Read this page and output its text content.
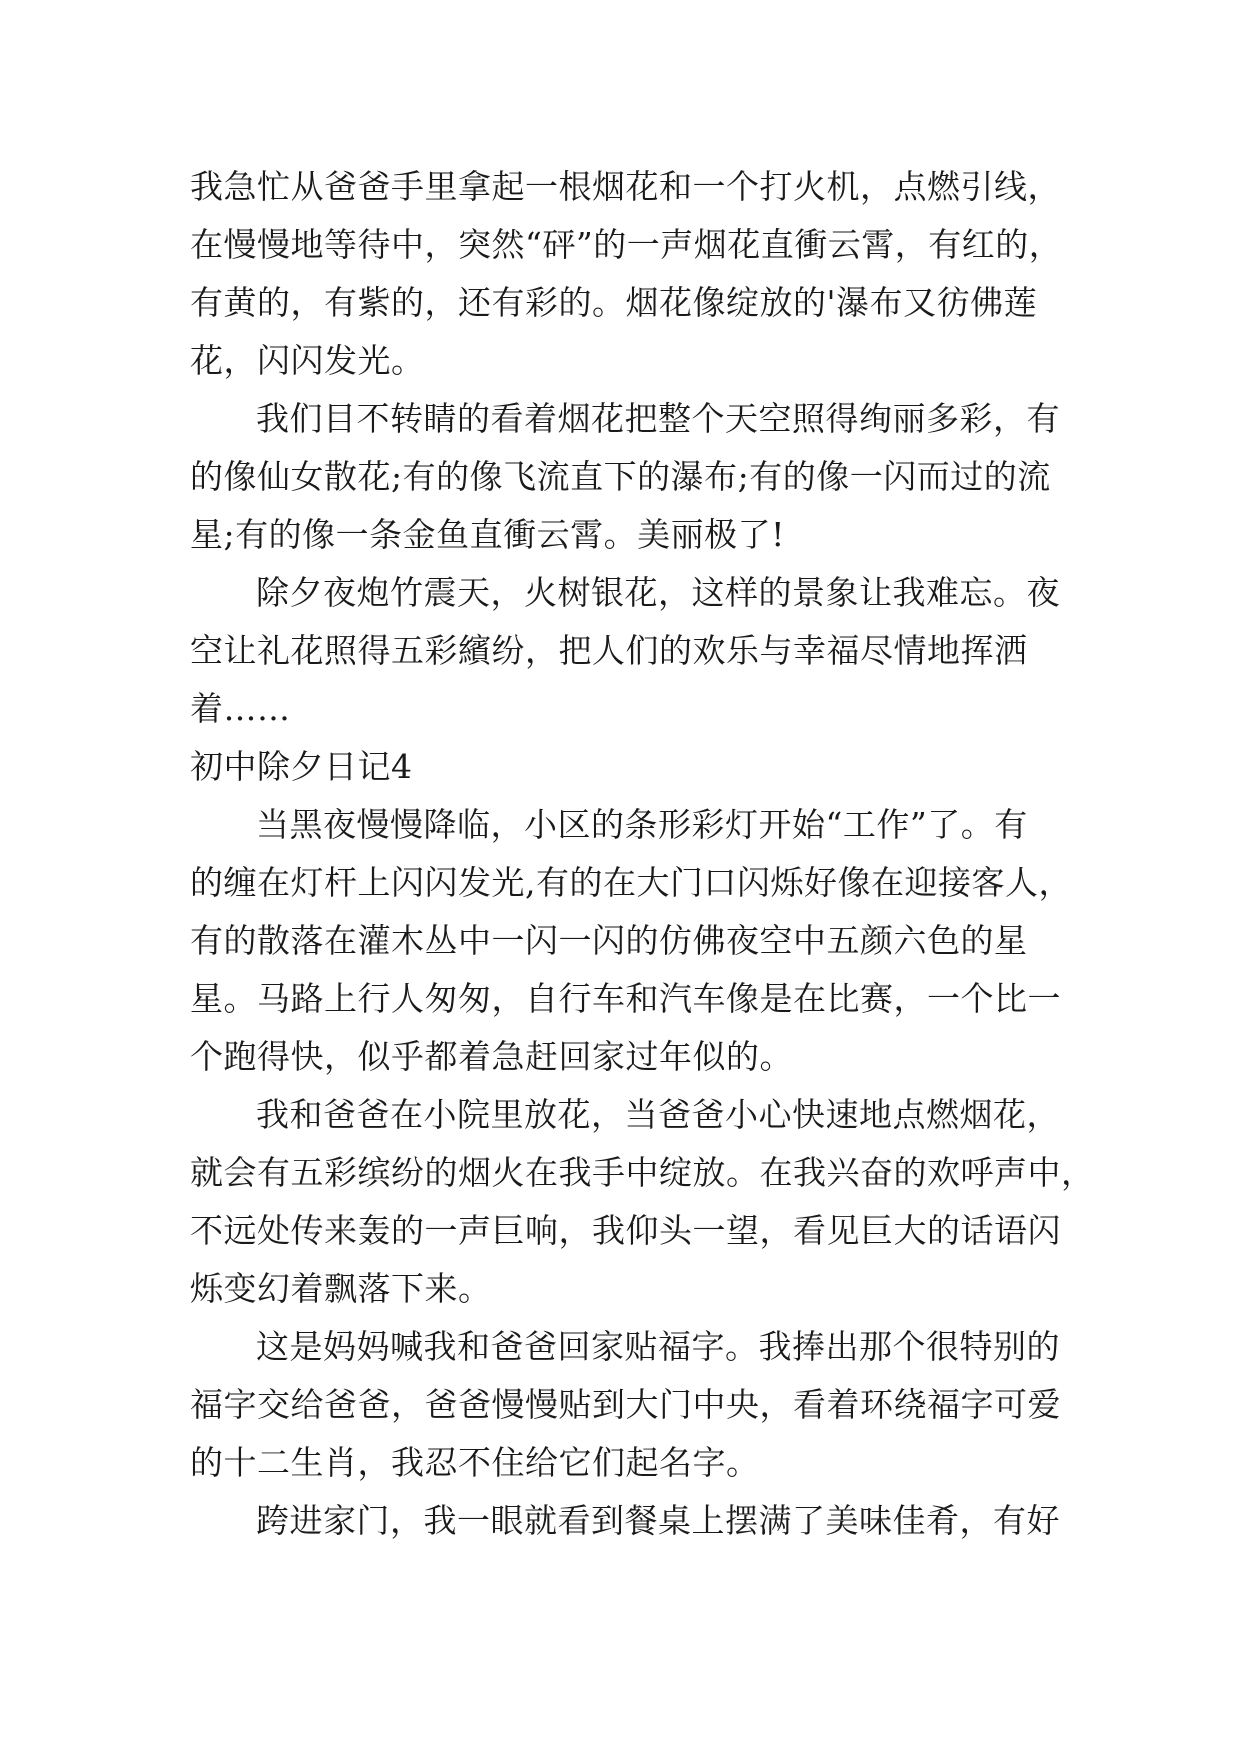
我急忙从爸爸手里拿起一根烟花和一个打火机，点燃引线，
在慢慢地等待中，突然“砰”的一声烟花直衝云霄，有红的，
有黄的，有紫的，还有彩的。烟花像绽放的'瀑布又彷佛莲
花，闪闪发光。
我们目不转睛的看着烟花把整个天空照得绚丽多彩，有
的像仙女散花;有的像飞流直下的瀑布;有的像一闪而过的流
星;有的像一条金鱼直衝云霄。美丽极了!
除夕夜炮竹震天，火树银花，这样的景象让我难忘。夜
空让礼花照得五彩繽纷，把人们的欢乐与幸福尽情地挥洒
着……
初中除夕日记4
当黑夜慢慢降临，小区的条形彩灯开始“工作”了。有
的缠在灯杆上闪闪发光,有的在大门口闪烁好像在迎接客人，
有的散落在灌木丛中一闪一闪的仿佛夜空中五颜六色的星
星。马路上行人匆匆，自行车和汽车像是在比赛，一个比一
个跑得快，似乎都着急赶回家过年似的。
我和爸爸在小院里放花，当爸爸小心快速地点燃烟花，
就会有五彩缤纷的烟火在我手中绽放。在我兴奋的欢呼声中，
不远处传来轰的一声巨响，我仰头一望，看见巨大的话语闪
烁变幻着飘落下来。
这是妈妈喊我和爸爸回家贴福字。我捧出那个很特别的
福字交给爸爸，爸爸慢慢贴到大门中央，看着环绕福字可爱
的十二生肖，我忍不住给它们起名字。
跨进家门，我一眼就看到餐桌上摆满了美味佳肴，有好
